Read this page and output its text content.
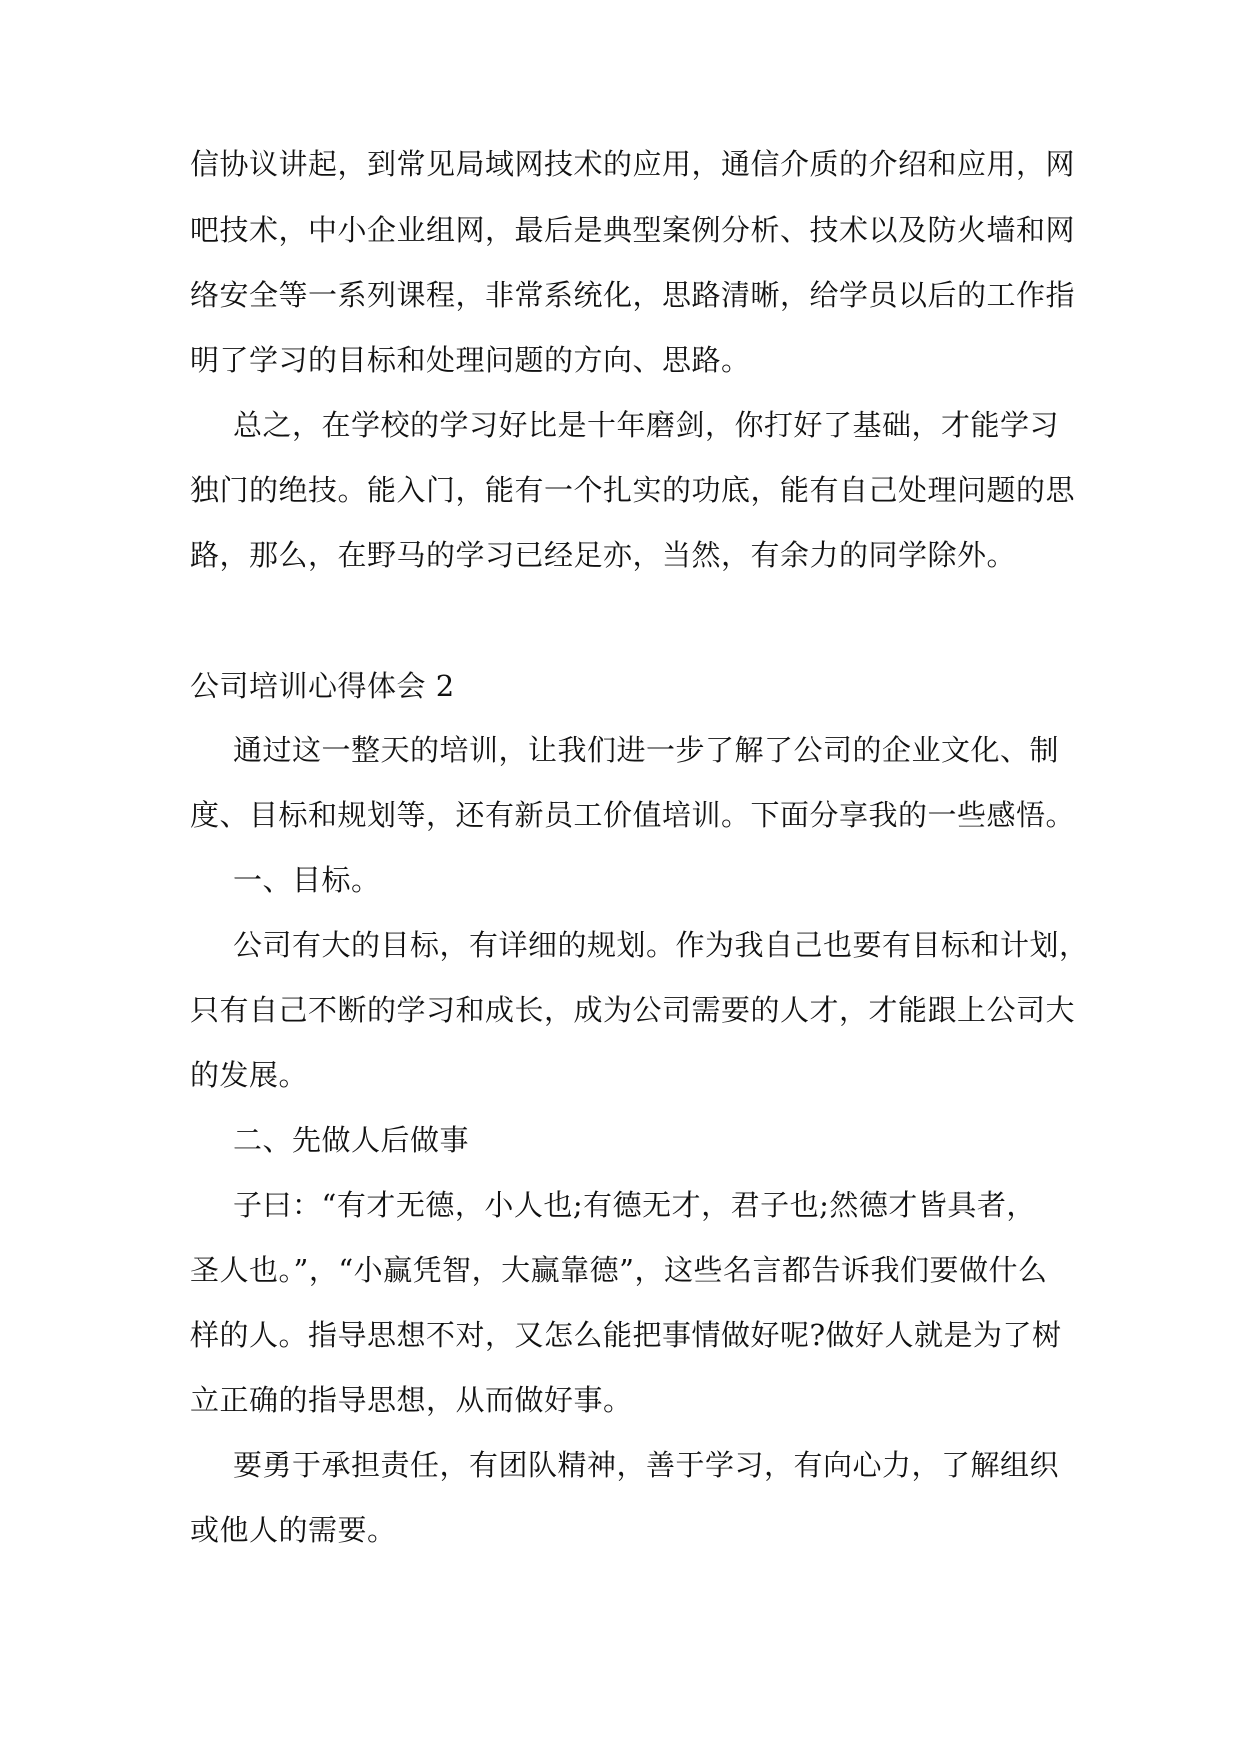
信协议讲起，到常见局域网技术的应用，通信介质的介绍和应用，网

吧技术，中小企业组网，最后是典型案例分析、技术以及防火墙和网

络安全等一系列课程，非常系统化，思路清晰，给学员以后的工作指

明了学习的目标和处理问题的方向、思路。

总之，在学校的学习好比是十年磨剑，你打好了基础，才能学习

独门的绝技。能入门，能有一个扎实的功底，能有自己处理问题的思

路，那么，在野马的学习已经足亦，当然，有余力的同学除外。

公司培训心得体会 2

通过这一整天的培训，让我们进一步了解了公司的企业文化、制

度、目标和规划等，还有新员工价值培训。下面分享我的一些感悟。

一、目标。

公司有大的目标，有详细的规划。作为我自己也要有目标和计划，

只有自己不断的学习和成长，成为公司需要的人才，才能跟上公司大

的发展。

二、先做人后做事

子曰：“有才无德，小人也;有德无才，君子也;然德才皆具者，

圣人也。”，“小赢凭智，大赢靠德”，这些名言都告诉我们要做什么

样的人。指导思想不对，又怎么能把事情做好呢?做好人就是为了树

立正确的指导思想，从而做好事。

要勇于承担责任，有团队精神，善于学习，有向心力，了解组织

或他人的需要。
